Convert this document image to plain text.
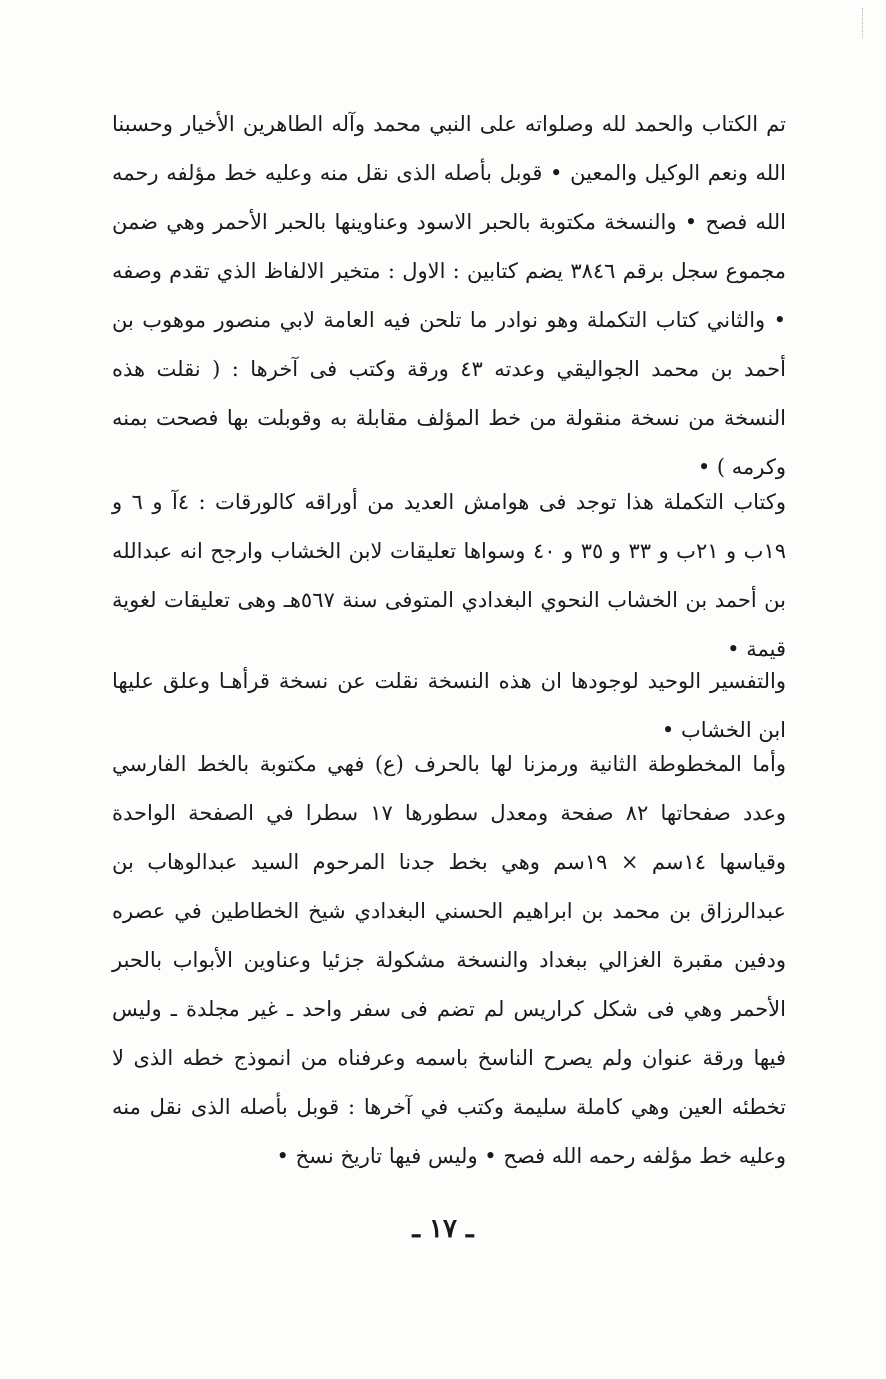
تم الكتاب والحمد لله وصلواته على النبي محمد وآله الطاهرين الأخيار وحسبنا الله ونعم الوكيل والمعين • قوبل بأصله الذى نقل منه وعليه خط مؤلفه رحمه الله فصح • والنسخة مكتوبة بالحبر الاسود وعناوينها بالحبر الأحمر وهي ضمن مجموع سجل برقم ٣٨٤٦ يضم كتابين : الاول : متخير الالفاظ الذي تقدم وصفه • والثاني كتاب التكملة وهو نوادر ما تلحن فيه العامة لابي منصور موهوب بن أحمد بن محمد الجواليقي وعدته ٤٣ ورقة وكتب فى آخرها : ( نقلت هذه النسخة من نسخة منقولة من خط المؤلف مقابلة به وقوبلت بها فصحت بمنه وكرمه ) •

وكتاب التكملة هذا توجد فى هوامش العديد من أوراقه كالورقات : ٤آ و ٦ و ١٩ب و ٢١ب و ٣٣ و ٣٥ و ٤٠ وسواها تعليقات لابن الخشاب وارجح انه عبدالله بن أحمد بن الخشاب النحوي البغدادي المتوفى سنة ٥٦٧هـ وهى تعليقات لغوية قيمة •

والتفسير الوحيد لوجودها ان هذه النسخة نقلت عن نسخة قرأهـا وعلق عليها ابن الخشاب •

وأما المخطوطة الثانية ورمزنا لها بالحرف (ع) فهي مكتوبة بالخط الفارسي وعدد صفحاتها ٨٢ صفحة ومعدل سطورها ١٧ سطرا في الصفحة الواحدة وقياسها ١٤سم × ١٩سم وهي بخط جدنا المرحوم السيد عبدالوهاب بن عبدالرزاق بن محمد بن ابراهيم الحسني البغدادي شيخ الخطاطين في عصره ودفين مقبرة الغزالي ببغداد والنسخة مشكولة جزئيا وعناوين الأبواب بالحبر الأحمر وهي فى شكل كراريس لم تضم فى سفر واحد ـ غير مجلدة ـ وليس فيها ورقة عنوان ولم يصرح الناسخ باسمه وعرفناه من انموذج خطه الذى لا تخطئه العين وهي كاملة سليمة وكتب في آخرها : قوبل بأصله الذى نقل منه وعليه خط مؤلفه رحمه الله فصح • وليس فيها تاريخ نسخ •

ـ ١٧ ـ
